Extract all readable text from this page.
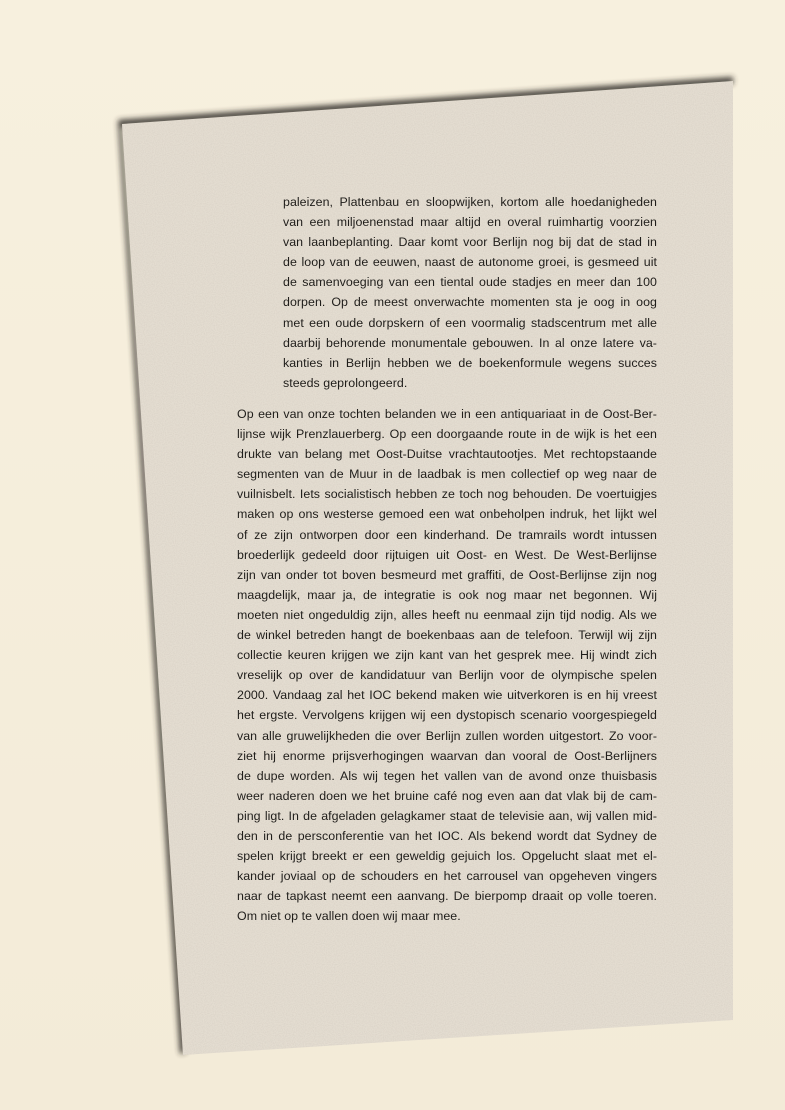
paleizen, Plattenbau en sloopwijken, kortom alle hoedanigheden
van een miljoenenstad maar altijd en overal ruimhartig voorzien
van laanbeplanting. Daar komt voor Berlijn nog bij dat de stad in
de loop van de eeuwen, naast de autonome groei, is gesmeed uit
de samenvoeging van een tiental oude stadjes en meer dan 100
dorpen. Op de meest onverwachte momenten sta je oog in oog
met een oude dorpskern of een voormalig stadscentrum met alle
daarbij behorende monumentale gebouwen. In al onze latere va-
kanties in Berlijn hebben we de boekenformule wegens succes
steeds geprolongeerd.
Op een van onze tochten belanden we in een antiquariaat in de Oost-Ber-
lijnse wijk Prenzlauerberg. Op een doorgaande route in de wijk is het een
drukte van belang met Oost-Duitse vrachtautootjes. Met rechtopstaande
segmenten van de Muur in de laadbak is men collectief op weg naar de
vuilnisbelt. Iets socialistisch hebben ze toch nog behouden. De voertuigjes
maken op ons westerse gemoed een wat onbeholpen indruk, het lijkt wel
of ze zijn ontworpen door een kinderhand. De tramrails wordt intussen
broederlijk gedeeld door rijtuigen uit Oost- en West. De West-Berlijnse
zijn van onder tot boven besmeurd met graffiti, de Oost-Berlijnse zijn nog
maagdelijk, maar ja, de integratie is ook nog maar net begonnen. Wij
moeten niet ongeduldig zijn, alles heeft nu eenmaal zijn tijd nodig. Als we
de winkel betreden hangt de boekenbaas aan de telefoon. Terwijl wij zijn
collectie keuren krijgen we zijn kant van het gesprek mee. Hij windt zich
vreselijk op over de kandidatuur van Berlijn voor de olympische spelen
2000. Vandaag zal het IOC bekend maken wie uitverkoren is en hij vreest
het ergste. Vervolgens krijgen wij een dystopisch scenario voorgespiegeld
van alle gruwelijkheden die over Berlijn zullen worden uitgestort. Zo voor-
ziet hij enorme prijsverhogingen waarvan dan vooral de Oost-Berlijners
de dupe worden. Als wij tegen het vallen van de avond onze thuisbasis
weer naderen doen we het bruine café nog even aan dat vlak bij de cam-
ping ligt. In de afgeladen gelagkamer staat de televisie aan, wij vallen mid-
den in de persconferentie van het IOC. Als bekend wordt dat Sydney de
spelen krijgt breekt er een geweldig gejuich los. Opgelucht slaat met el-
kander joviaal op de schouders en het carrousel van opgeheven vingers
naar de tapkast neemt een aanvang. De bierpomp draait op volle toeren.
Om niet op te vallen doen wij maar mee.
